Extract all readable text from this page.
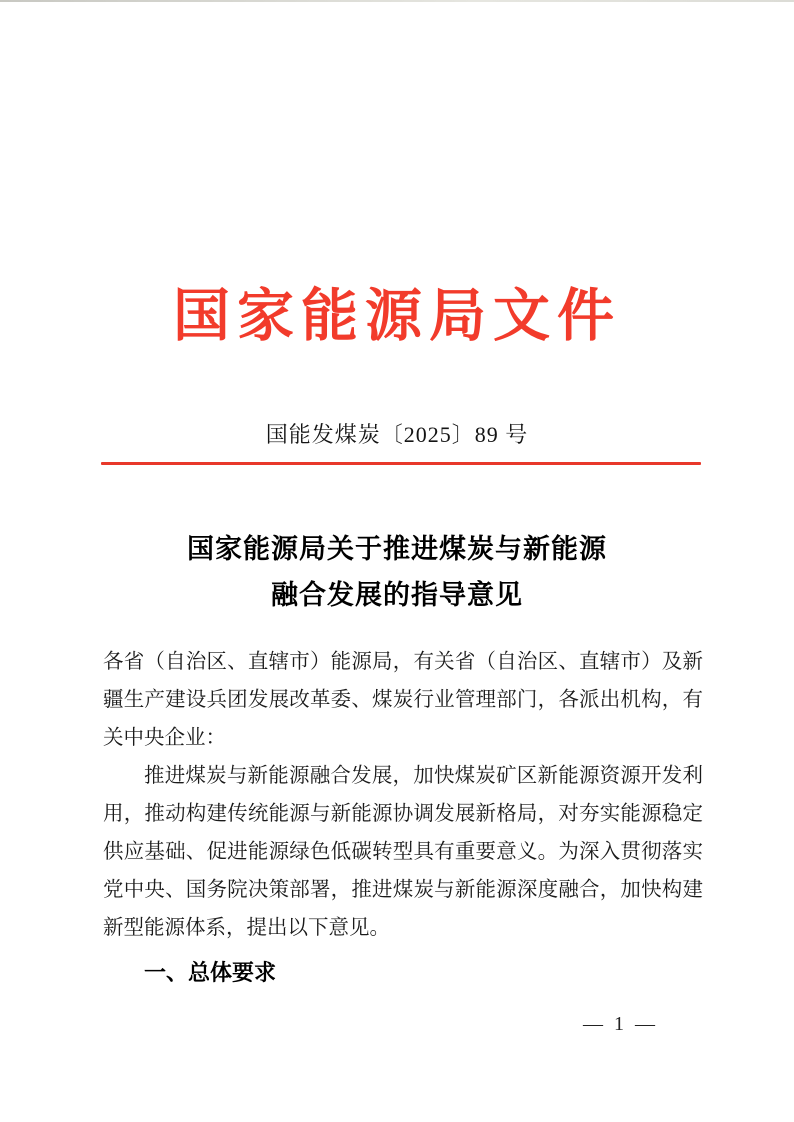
国家能源局文件
国能发煤炭〔2025〕89 号
国家能源局关于推进煤炭与新能源
融合发展的指导意见

各省（自治区、直辖市）能源局，有关省（自治区、直辖市）及新疆生产建设兵团发展改革委、煤炭行业管理部门，各派出机构，有关中央企业：

推进煤炭与新能源融合发展，加快煤炭矿区新能源资源开发利用，推动构建传统能源与新能源协调发展新格局，对夯实能源稳定供应基础、促进能源绿色低碳转型具有重要意义。为深入贯彻落实党中央、国务院决策部署，推进煤炭与新能源深度融合，加快构建新型能源体系，提出以下意见。

一、总体要求

— 1 —
